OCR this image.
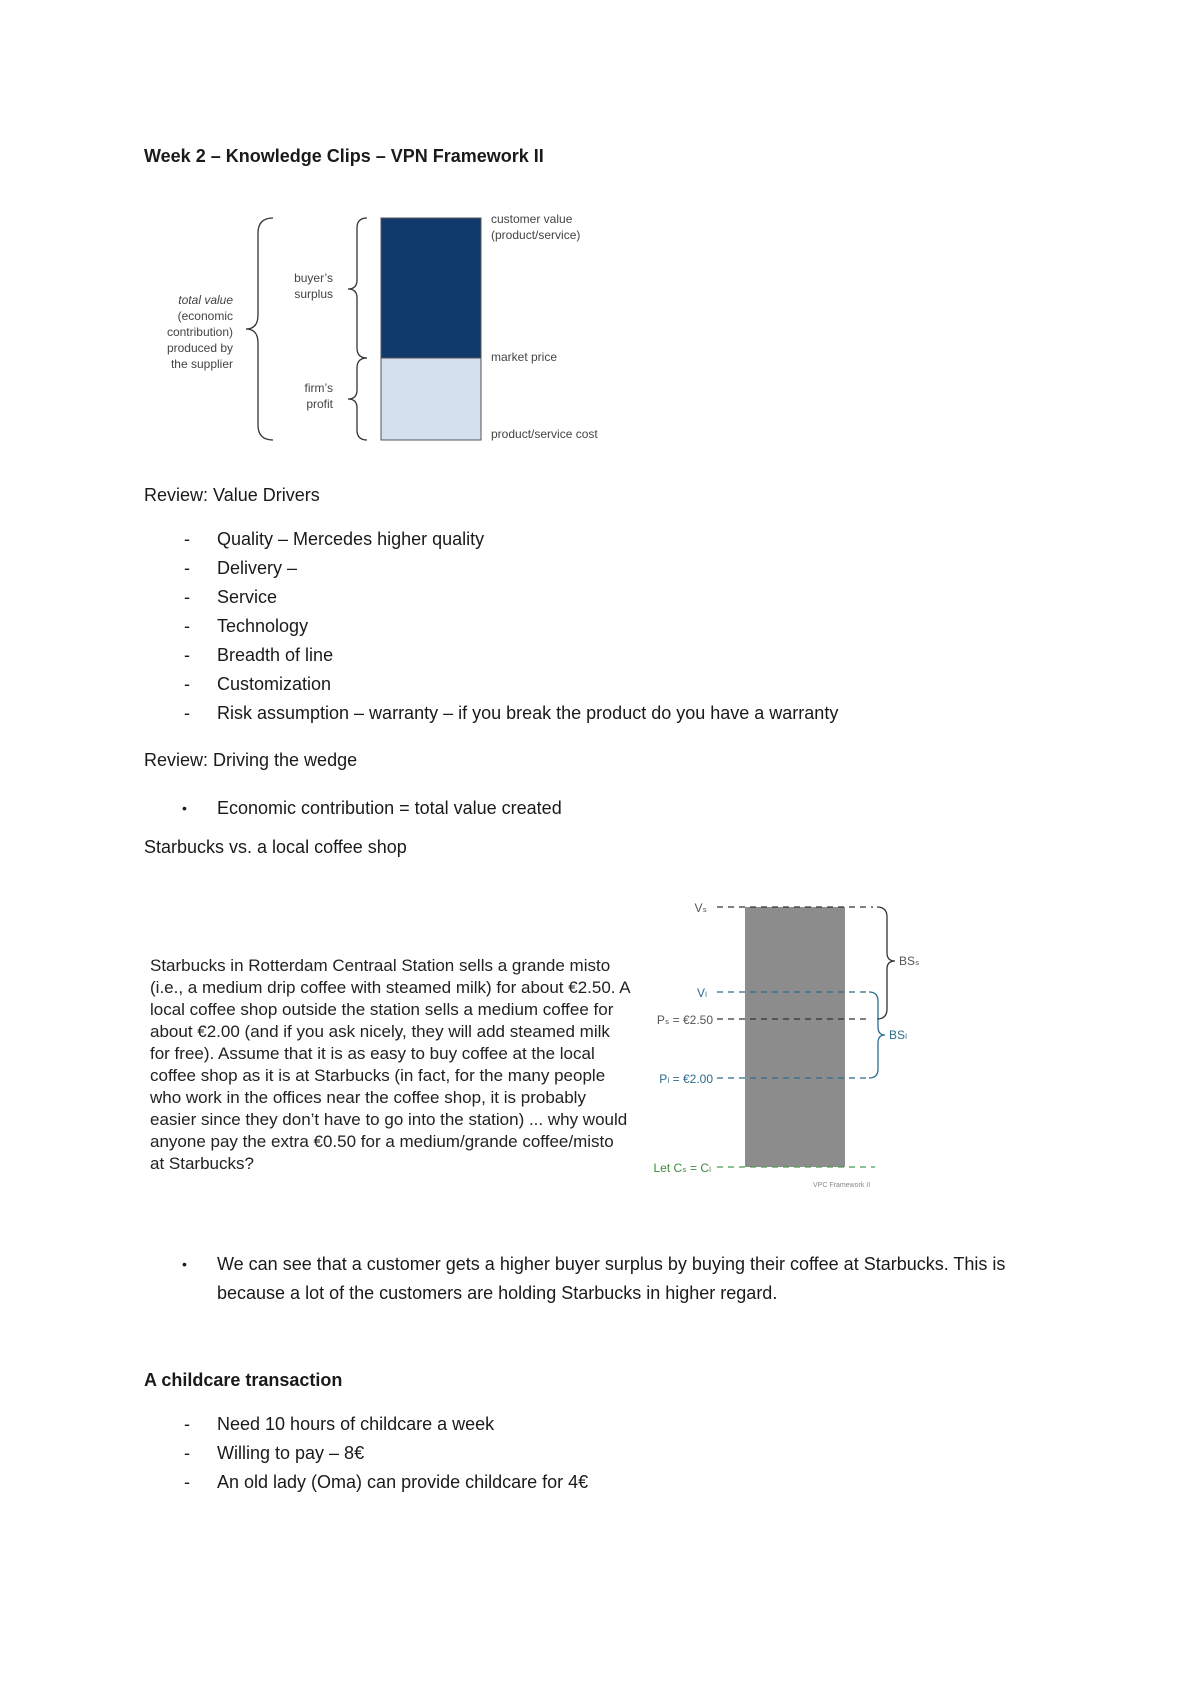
Week 2 – Knowledge Clips – VPN Framework II
total value
(economic
contribution)
produced by
the supplier
buyer’s
surplus
firm’s
profit
customer value
(product/service)
market price
product/service cost

Review: Value Drivers

- Quality – Mercedes higher quality
- Delivery –
- Service
- Technology
- Breadth of line
- Customization
- Risk assumption – warranty – if you break the product do you have a warranty

Review: Driving the wedge

• Economic contribution = total value created

Starbucks vs. a local coffee shop

Starbucks in Rotterdam Centraal Station sells a grande misto (i.e., a medium drip coffee with steamed milk) for about €2.50. A local coffee shop outside the station sells a medium coffee for about €2.00 (and if you ask nicely, they will add steamed milk for free). Assume that it is as easy to buy coffee at the local coffee shop as it is at Starbucks (in fact, for the many people who work in the offices near the coffee shop, it is probably easier since they don’t have to go into the station) ... why would anyone pay the extra €0.50 for a medium/grande coffee/misto at Starbucks?

Vₛ
Vₗ
Pₛ = €2.50
Pₗ = €2.00
Let Cₛ = Cₗ
BSₛ
BSₗ
VPC Framework II

• We can see that a customer gets a higher buyer surplus by buying their coffee at Starbucks. This is because a lot of the customers are holding Starbucks in higher regard.

A childcare transaction

- Need 10 hours of childcare a week
- Willing to pay – 8€
- An old lady (Oma) can provide childcare for 4€
